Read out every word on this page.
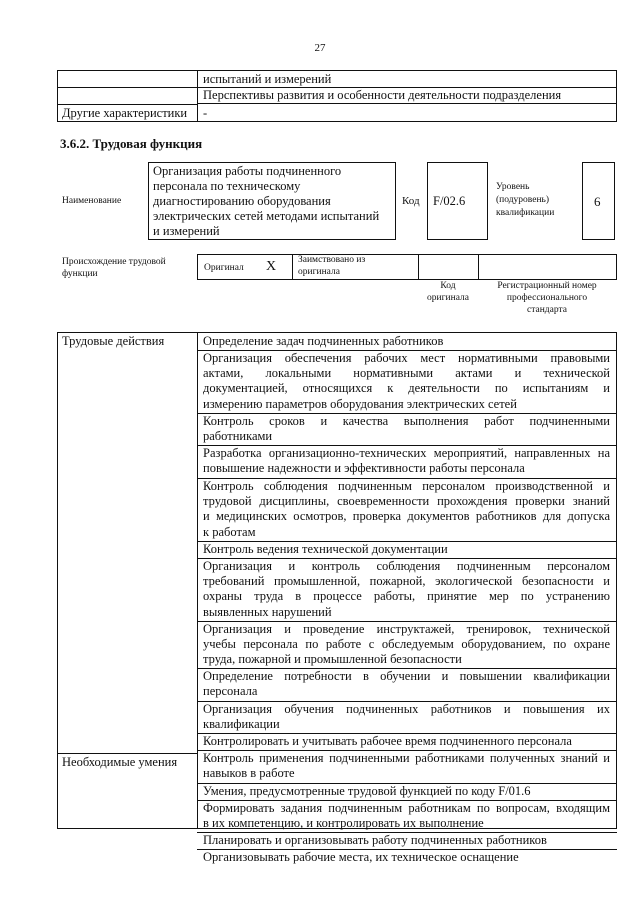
27
испытаний и измерений
Перспективы развития и особенности деятельности подразделения
Другие характеристики -
3.6.2. Трудовая функция
Наименование
Организация работы подчиненного
персонала по техническому
диагностированию оборудования
электрических сетей методами испытаний
и измерений
Код F/02.6
Уровень
(подуровень)
квалификации
6
Происхождение трудовой
функции
Оригинал X Заимствовано из
оригинала
Код
оригинала
Регистрационный номер
профессионального
стандарта
Трудовые действия
Необходимые умения
Определение задач подчиненных работников
Организация обеспечения рабочих мест нормативными правовыми
актами, локальными нормативными актами и технической
документацией, относящихся к деятельности по испытаниям и
измерению параметров оборудования электрических сетей
Контроль сроков и качества выполнения работ подчиненными
работниками
Разработка организационно-технических мероприятий, направленных на
повышение надежности и эффективности работы персонала
Контроль соблюдения подчиненным персоналом производственной и
трудовой дисциплины, своевременности прохождения проверки знаний
и медицинских осмотров, проверка документов работников для допуска
к работам
Контроль ведения технической документации
Организация и контроль соблюдения подчиненным персоналом
требований промышленной, пожарной, экологической безопасности и
охраны труда в процессе работы, принятие мер по устранению
выявленных нарушений
Организация и проведение инструктажей, тренировок, технической
учебы персонала по работе с обследуемым оборудованием, по охране
труда, пожарной и промышленной безопасности
Определение потребности в обучении и повышении квалификации
персонала
Организация обучения подчиненных работников и повышения их
квалификации
Контролировать и учитывать рабочее время подчиненного персонала
Контроль применения подчиненными работниками полученных знаний и
навыков в работе
Умения, предусмотренные трудовой функцией по коду F/01.6
Формировать задания подчиненным работникам по вопросам, входящим
в их компетенцию, и контролировать их выполнение
Планировать и организовывать работу подчиненных работников
Организовывать рабочие места, их техническое оснащение
